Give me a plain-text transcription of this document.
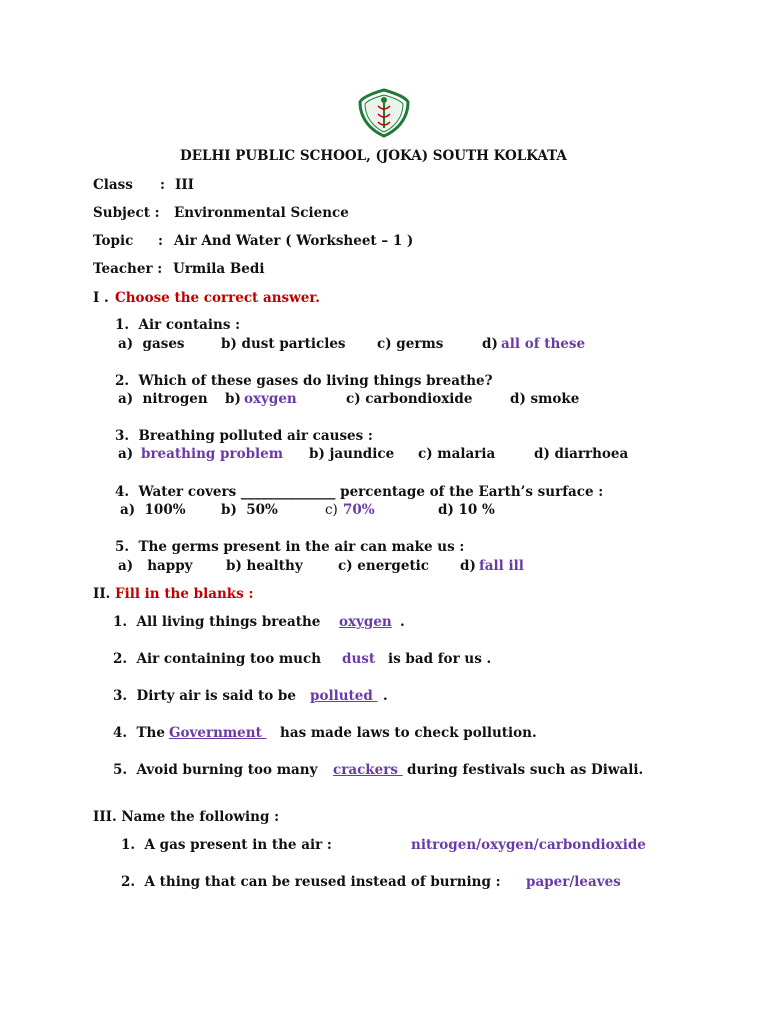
DELHI PUBLIC SCHOOL, (JOKA) SOUTH KOLKATA
Class : III
Subject : Environmental Science
Topic : Air And Water ( Worksheet – 1 )
Teacher : Urmila Bedi
I . Choose the correct answer.
1.  Air contains :
a)  gases	b) dust particles c) germs	d) all of these
2.  Which of these gases do living things breathe?
a)  nitrogen b) oxygen	c) carbondioxide	d) smoke
3.  Breathing polluted air causes :
a) breathing problem b) jaundice c) malaria	d) diarrhoea
4.  Water covers ______________ percentage of the Earth’s surface :
a)  100%	b)  50%	c) 70%	d) 10 %
5.  The germs present in the air can make us :
a)   happy b) healthy	c) energetic d) fall ill
II. Fill in the blanks :
1.  All living things breathe oxygen .
2.  Air containing too much dust is bad for us .
3.  Dirty air is said to be polluted .
4.  The Government has made laws to check pollution.
5.  Avoid burning too many crackers during festivals such as Diwali.
III. Name the following :
1.  A gas present in the air :	nitrogen/oxygen/carbondioxide
2.  A thing that can be reused instead of burning : paper/leaves
